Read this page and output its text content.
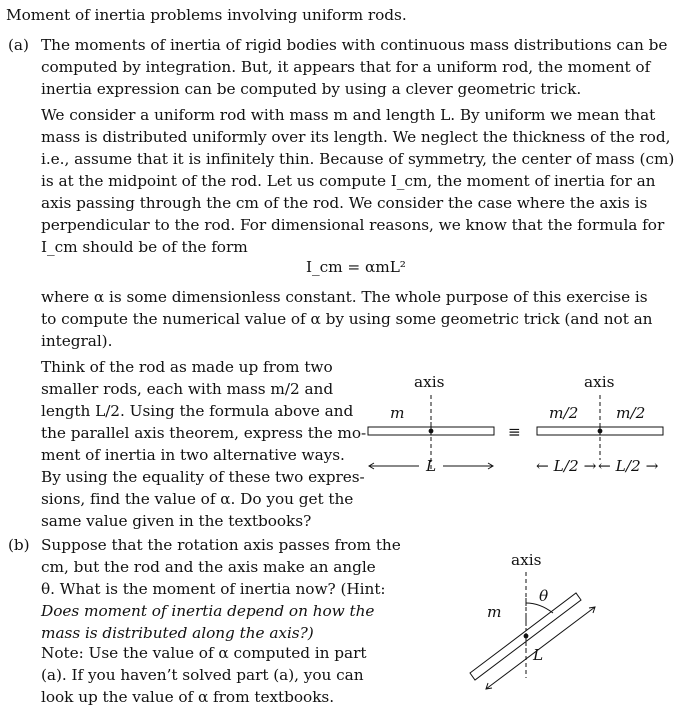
Moment of inertia problems involving uniform rods.
(a) The moments of inertia of rigid bodies with continuous mass distributions can be
computed by integration. But, it appears that for a uniform rod, the moment of
inertia expression can be computed by using a clever geometric trick.
We consider a uniform rod with mass m and length L. By uniform we mean that
mass is distributed uniformly over its length. We neglect the thickness of the rod,
i.e., assume that it is infinitely thin. Because of symmetry, the center of mass (cm)
is at the midpoint of the rod. Let us compute I_cm, the moment of inertia for an
axis passing through the cm of the rod. We consider the case where the axis is
perpendicular to the rod. For dimensional reasons, we know that the formula for
I_cm should be of the form
I_cm = αmL²
where α is some dimensionless constant. The whole purpose of this exercise is
to compute the numerical value of α by using some geometric trick (and not an
integral).
Think of the rod as made up from two
smaller rods, each with mass m/2 and
length L/2. Using the formula above and
the parallel axis theorem, express the mo-
ment of inertia in two alternative ways.
By using the equality of these two expres-
sions, find the value of α. Do you get the
same value given in the textbooks?
axis	axis
m	m/2 m/2
≡
L	← L/2 → ← L/2 →
(b) Suppose that the rotation axis passes from the
cm, but the rod and the axis make an angle
θ. What is the moment of inertia now? (Hint:
Does moment of inertia depend on how the
mass is distributed along the axis?)
Note: Use the value of α computed in part
(a). If you haven’t solved part (a), you can
look up the value of α from textbooks.
axis
θ
m
L
